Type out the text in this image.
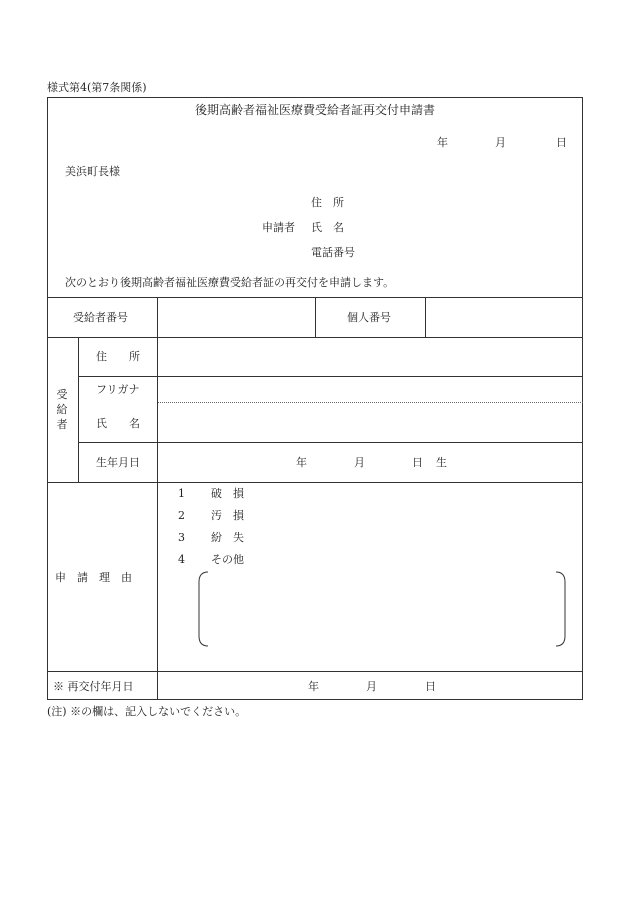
様式第4(第7条関係)
後期高齢者福祉医療費受給者証再交付申請書
年	月	日
美浜町長様
住　所
申請者 氏　名
電話番号
次のとおり後期高齢者福祉医療費受給者証の再交付を申請します。
受給者番号	個人番号
受
給
者
住　　所
フリガナ
氏　　名
生年月日	年	月	日 生
申　請　理　由
1 破　損
2 汚　損
3 紛　失
4 その他
※ 再交付年月日	年	月	日
(注) ※の欄は、記入しないでください。
